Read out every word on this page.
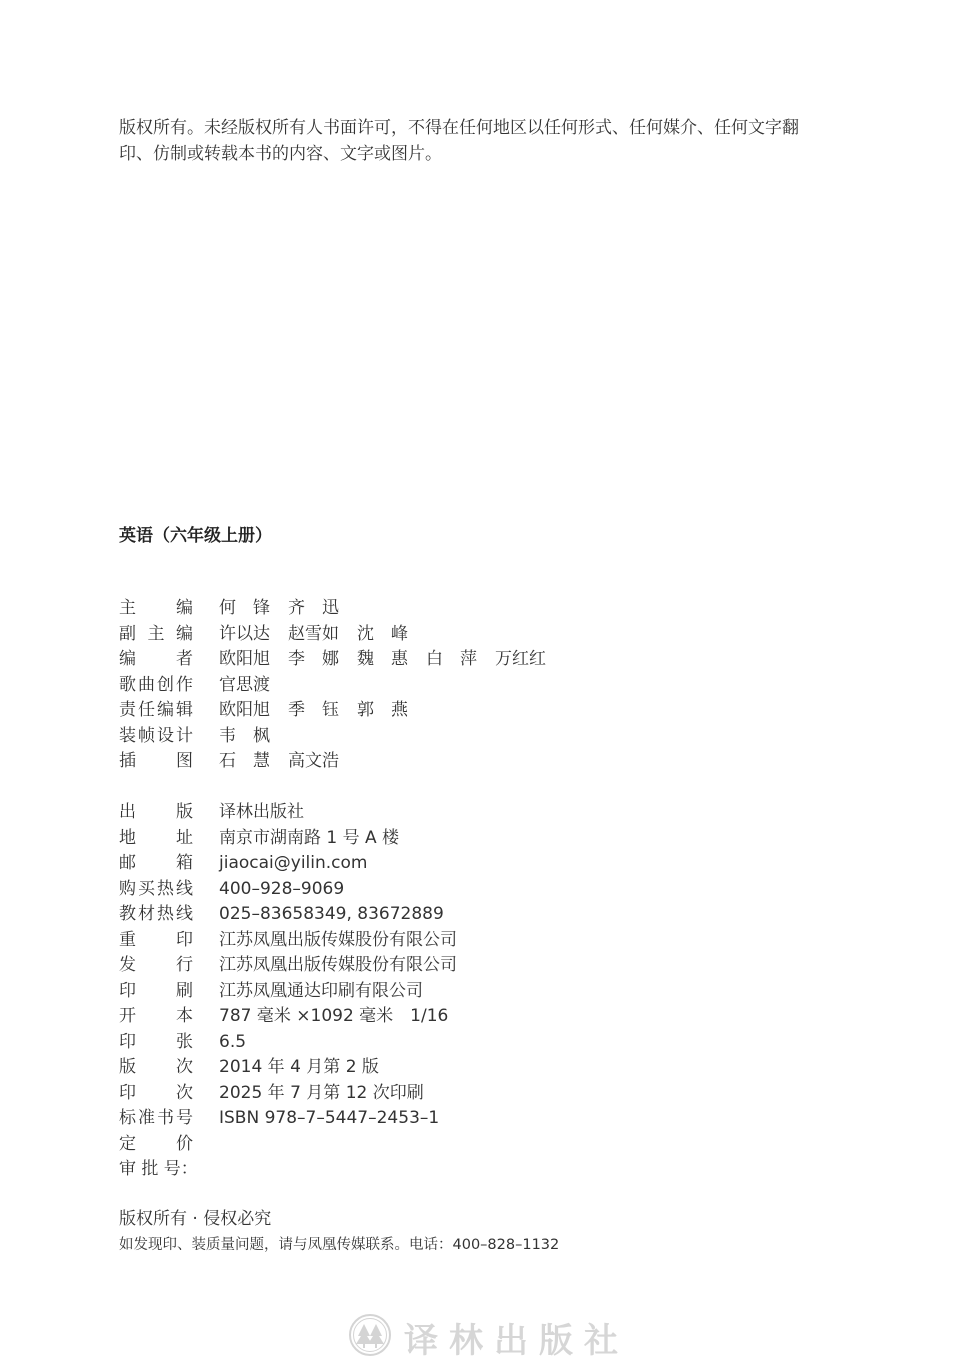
版权所有。未经版权所有人书面许可，不得在任何地区以任何形式、任何媒介、任何文字翻印、仿制或转载本书的内容、文字或图片。
英语（六年级上册）
主　编 何　锋 齐　迅
副主编 许以达 赵雪如 沈　峰
编　者 欧阳旭 李　娜 魏　惠 白　萍 万红红
歌曲创作 官思渡
责任编辑 欧阳旭 季　钰 郭　燕
装帧设计 韦　枫
插　图 石　慧 高文浩
出　版 译林出版社
地　址 南京市湖南路 1 号 A 楼
邮　箱 jiaocai@yilin.com
购买热线 400–928–9069
教材热线 025–83658349, 83672889
重　印 江苏凤凰出版传媒股份有限公司
发　行 江苏凤凰出版传媒股份有限公司
印　刷 江苏凤凰通达印刷有限公司
开　本 787 毫米 ×1092 毫米　1/16
印　张 6.5
版　次 2014 年 4 月第 2 版
印　次 2025 年 7 月第 12 次印刷
标准书号 ISBN 978–7–5447–2453–1
定　价
审 批 号：
版权所有 · 侵权必究
如发现印、装质量问题，请与凤凰传媒联系。电话：400–828–1132
译林出版社
